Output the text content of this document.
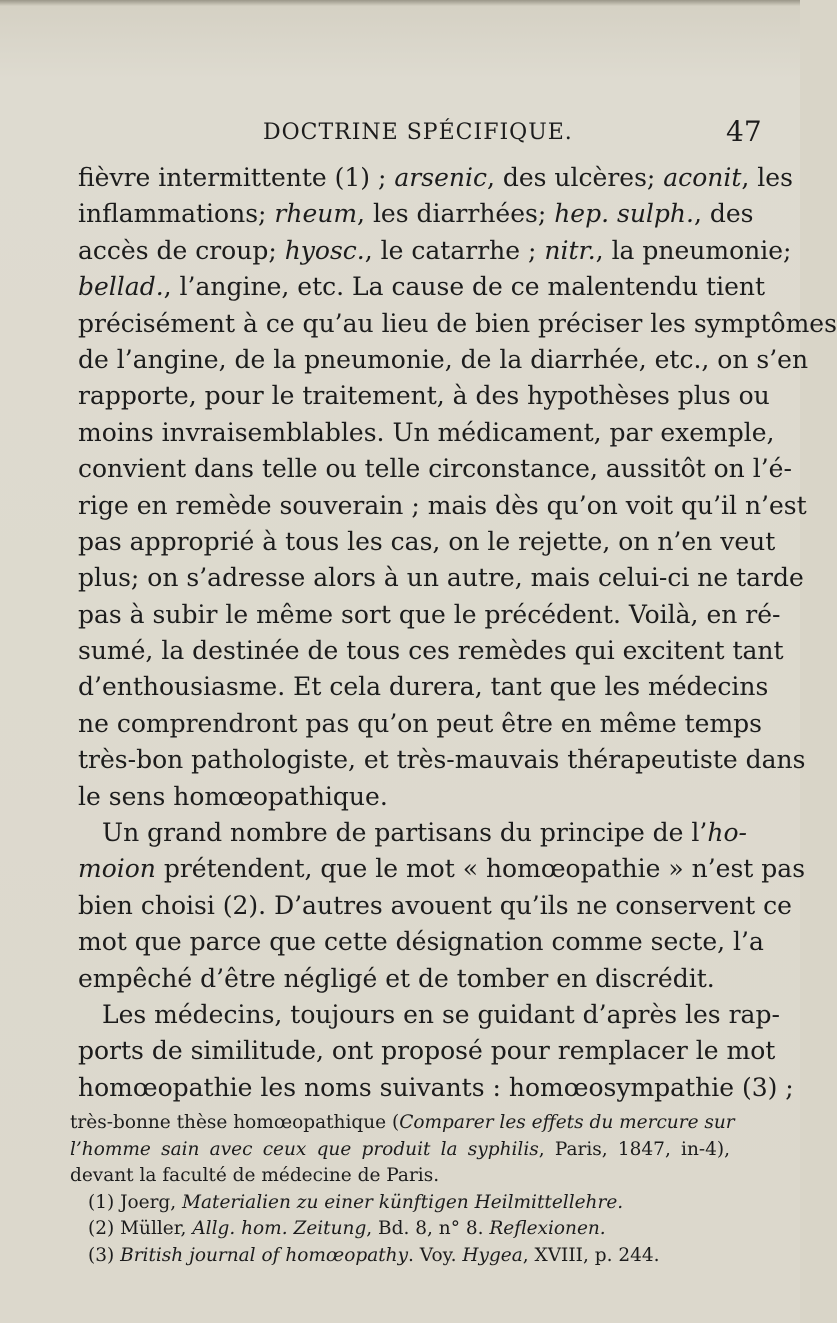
DOCTRINE SPÉCIFIQUE.	47
fièvre intermittente (1) ; arsenic, des ulcères; aconit, les
inflammations; rheum, les diarrhées; hep. sulph., des
accès de croup; hyosc., le catarrhe ; nitr., la pneumonie;
bellad., l’angine, etc. La cause de ce malentendu tient
précisément à ce qu’au lieu de bien préciser les symptômes
de l’angine, de la pneumonie, de la diarrhée, etc., on s’en
rapporte, pour le traitement, à des hypothèses plus ou
moins invraisemblables. Un médicament, par exemple,
convient dans telle ou telle circonstance, aussitôt on l’é-
rige en remède souverain ; mais dès qu’on voit qu’il n’est
pas approprié à tous les cas, on le rejette, on n’en veut
plus; on s’adresse alors à un autre, mais celui-ci ne tarde
pas à subir le même sort que le précédent. Voilà, en ré-
sumé, la destinée de tous ces remèdes qui excitent tant
d’enthousiasme. Et cela durera, tant que les médecins
ne comprendront pas qu’on peut être en même temps
très-bon pathologiste, et très-mauvais thérapeutiste dans
le sens homœopathique.
Un grand nombre de partisans du principe de l’ho-
moion prétendent, que le mot « homœopathie » n’est pas
bien choisi (2). D’autres avouent qu’ils ne conservent ce
mot que parce que cette désignation comme secte, l’a
empêché d’être négligé et de tomber en discrédit.
Les médecins, toujours en se guidant d’après les rap-
ports de similitude, ont proposé pour remplacer le mot
homœopathie les noms suivants : homœosympathie (3) ;
très-bonne thèse homœopathique (Comparer les effets du mercure sur
l’homme sain avec ceux que produit la syphilis, Paris, 1847, in-4),
devant la faculté de médecine de Paris.
(1) Joerg, Materialien zu einer künftigen Heilmittellehre.
(2) Müller, Allg. hom. Zeitung, Bd. 8, n° 8. Reflexionen.
(3) British journal of homœopathy. Voy. Hygea, XVIII, p. 244.
